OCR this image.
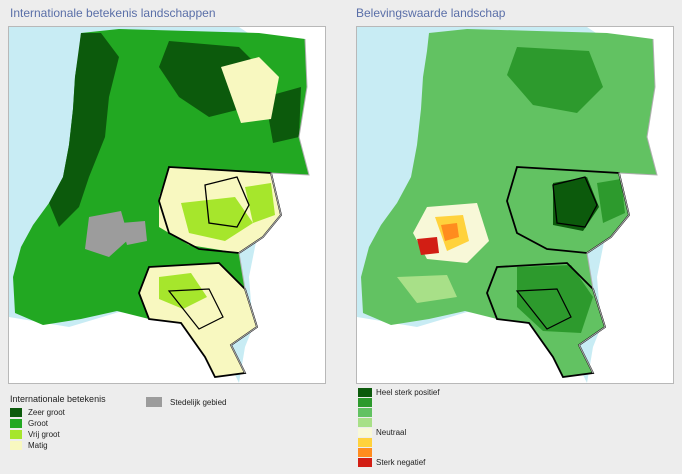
Internationale betekenis landschappen
Internationale betekenis
Zeer groot
Groot
Vrij groot
Matig
Stedelijk gebied
Belevingswaarde landschap
Heel sterk positief
Neutraal
Sterk negatief
